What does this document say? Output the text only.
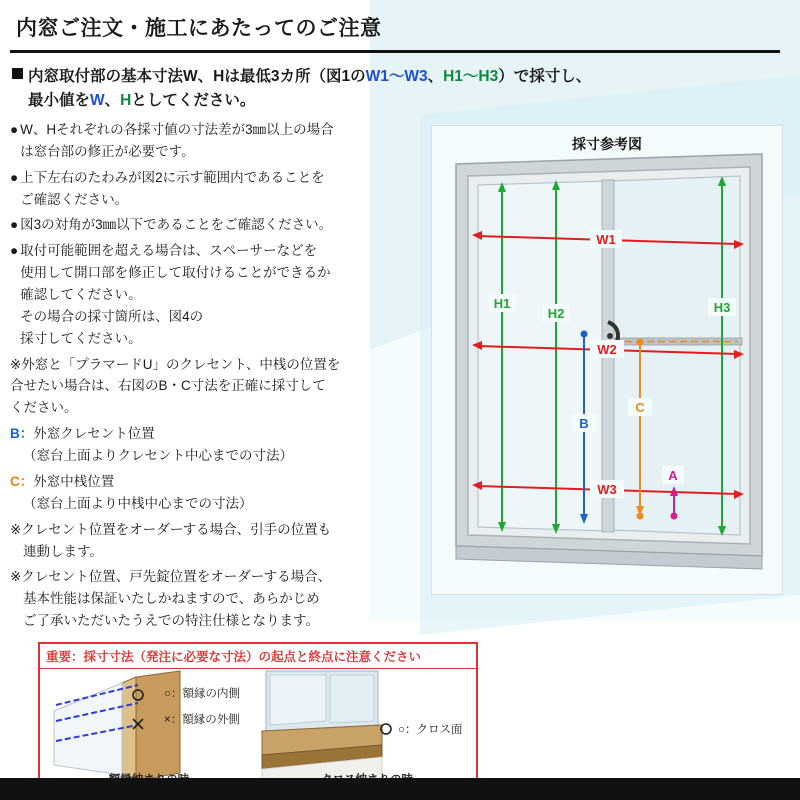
内窓ご注文・施工にあたってのご注意
内窓取付部の基本寸法W、Hは最低3カ所（図1のW1〜W3、H1〜H3）で採寸し、
最小値をW、Hとしてください。
● W、Hそれぞれの各採寸値の寸法差が3㎜以上の場合
は窓台部の修正が必要です。
● 上下左右のたわみが図2に示す範囲内であることを
ご確認ください。
● 図3の対角が3㎜以下であることをご確認ください。
● 取付可能範囲を超える場合は、スペーサーなどを
使用して開口部を修正して取付けることができるか
確認してください。
その場合の採寸箇所は、図4の
採寸してください。
※外窓と「プラマードU」のクレセント、中桟の位置を
合せたい場合は、右図のB・C寸法を正確に採寸して
ください。
B：外窓クレセント位置
（窓台上面よりクレセント中心までの寸法）
C：外窓中桟位置
（窓台上面より中桟中心までの寸法）
※クレセント位置をオーダーする場合、引手の位置も
連動します。
※クレセント位置、戸先錠位置をオーダーする場合、
基本性能は保証いたしかねますので、あらかじめ
ご了承いただいたうえでの特注仕様となります。
採寸参考図
H1
H2	H3
W1
W2
W3
B
C
A
重要：採寸寸法（発注に必要な寸法）の起点と終点に注意ください
○：額縁の内側
×：額縁の外側
○：クロス面
